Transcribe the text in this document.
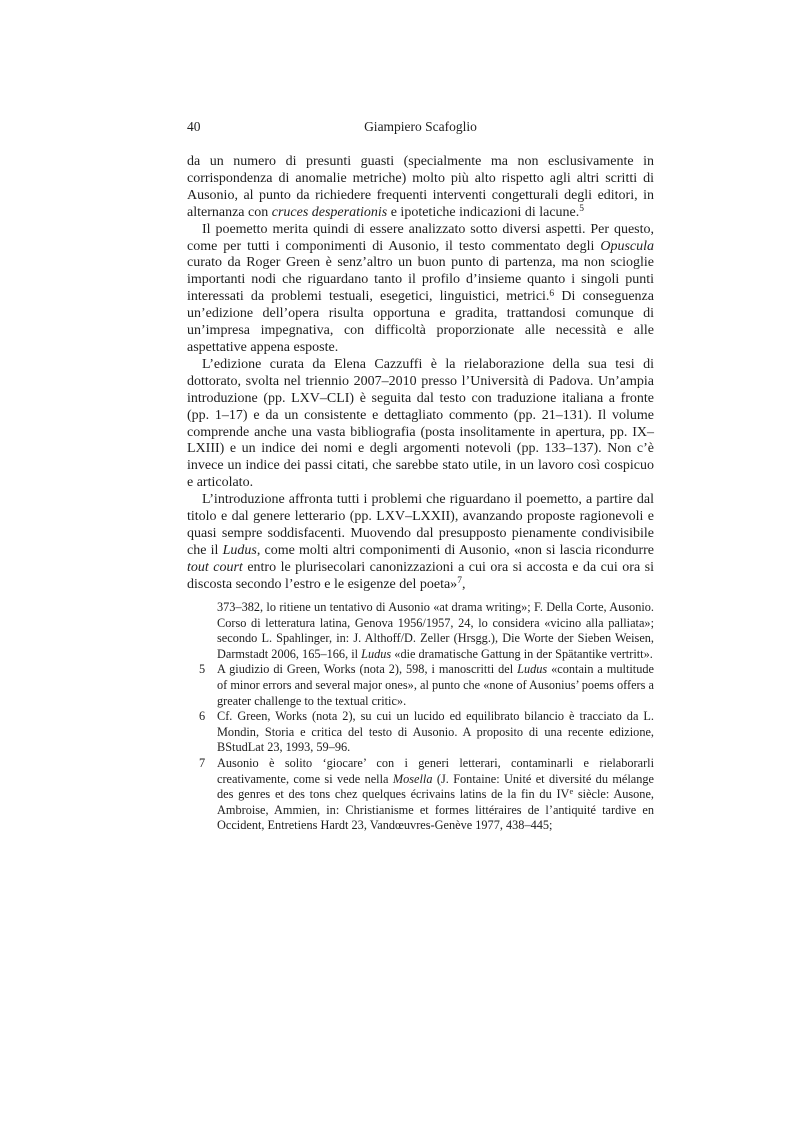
40	Giampiero Scafoglio

da un numero di presunti guasti (specialmente ma non esclusivamente in corrispondenza di anomalie metriche) molto più alto rispetto agli altri scritti di Ausonio, al punto da richiedere frequenti interventi congetturali degli editori, in alternanza con cruces desperationis e ipotetiche indicazioni di lacune.$^5$

Il poemetto merita quindi di essere analizzato sotto diversi aspetti. Per questo, come per tutti i componimenti di Ausonio, il testo commentato degli Opuscula curato da Roger Green è senz’altro un buon punto di partenza, ma non scioglie importanti nodi che riguardano tanto il profilo d’insieme quanto i singoli punti interessati da problemi testuali, esegetici, linguistici, metrici.$^6$ Di conseguenza un’edizione dell’opera risulta opportuna e gradita, trattandosi comunque di un’impresa impegnativa, con difficoltà proporzionate alle necessità e alle aspettative appena esposte.

L’edizione curata da Elena Cazzuffi è la rielaborazione della sua tesi di dottorato, svolta nel triennio 2007–2010 presso l’Università di Padova. Un’ampia introduzione (pp. LXV–CLI) è seguita dal testo con traduzione italiana a fronte (pp. 1–17) e da un consistente e dettagliato commento (pp. 21–131). Il volume comprende anche una vasta bibliografia (posta insolitamente in apertura, pp. IX–LXIII) e un indice dei nomi e degli argomenti notevoli (pp. 133–137). Non c’è invece un indice dei passi citati, che sarebbe stato utile, in un lavoro così cospicuo e articolato.

L’introduzione affronta tutti i problemi che riguardano il poemetto, a partire dal titolo e dal genere letterario (pp. LXV–LXXII), avanzando proposte ragionevoli e quasi sempre soddisfacenti. Muovendo dal presupposto pienamente condivisibile che il Ludus, come molti altri componimenti di Ausonio, «non si lascia ricondurre tout court entro le plurisecolari canonizzazioni a cui ora si accosta e da cui ora si discosta secondo l’estro e le esigenze del poeta»$^7$,

373–382, lo ritiene un tentativo di Ausonio «at drama writing»; F. Della Corte, Ausonio. Corso di letteratura latina, Genova 1956/1957, 24, lo considera «vicino alla palliata»; secondo L. Spahlinger, in: J. Althoff/D. Zeller (Hrsgg.), Die Worte der Sieben Weisen, Darmstadt 2006, 165–166, il Ludus «die dramatische Gattung in der Spätantike vertritt».
5 A giudizio di Green, Works (nota 2), 598, i manoscritti del Ludus «contain a multitude of minor errors and several major ones», al punto che «none of Ausonius’ poems offers a greater challenge to the textual critic».
6 Cf. Green, Works (nota 2), su cui un lucido ed equilibrato bilancio è tracciato da L. Mondin, Storia e critica del testo di Ausonio. A proposito di una recente edizione, BStudLat 23, 1993, 59–96.
7 Ausonio è solito ‘giocare’ con i generi letterari, contaminarli e rielaborarli creativamente, come si vede nella Mosella (J. Fontaine: Unité et diversité du mélange des genres et des tons chez quelques écrivains latins de la fin du IVe siècle: Ausone, Ambroise, Ammien, in: Christianisme et formes littéraires de l’antiquité tardive en Occident, Entretiens Hardt 23, Vandœuvres-Genève 1977, 438–445;
